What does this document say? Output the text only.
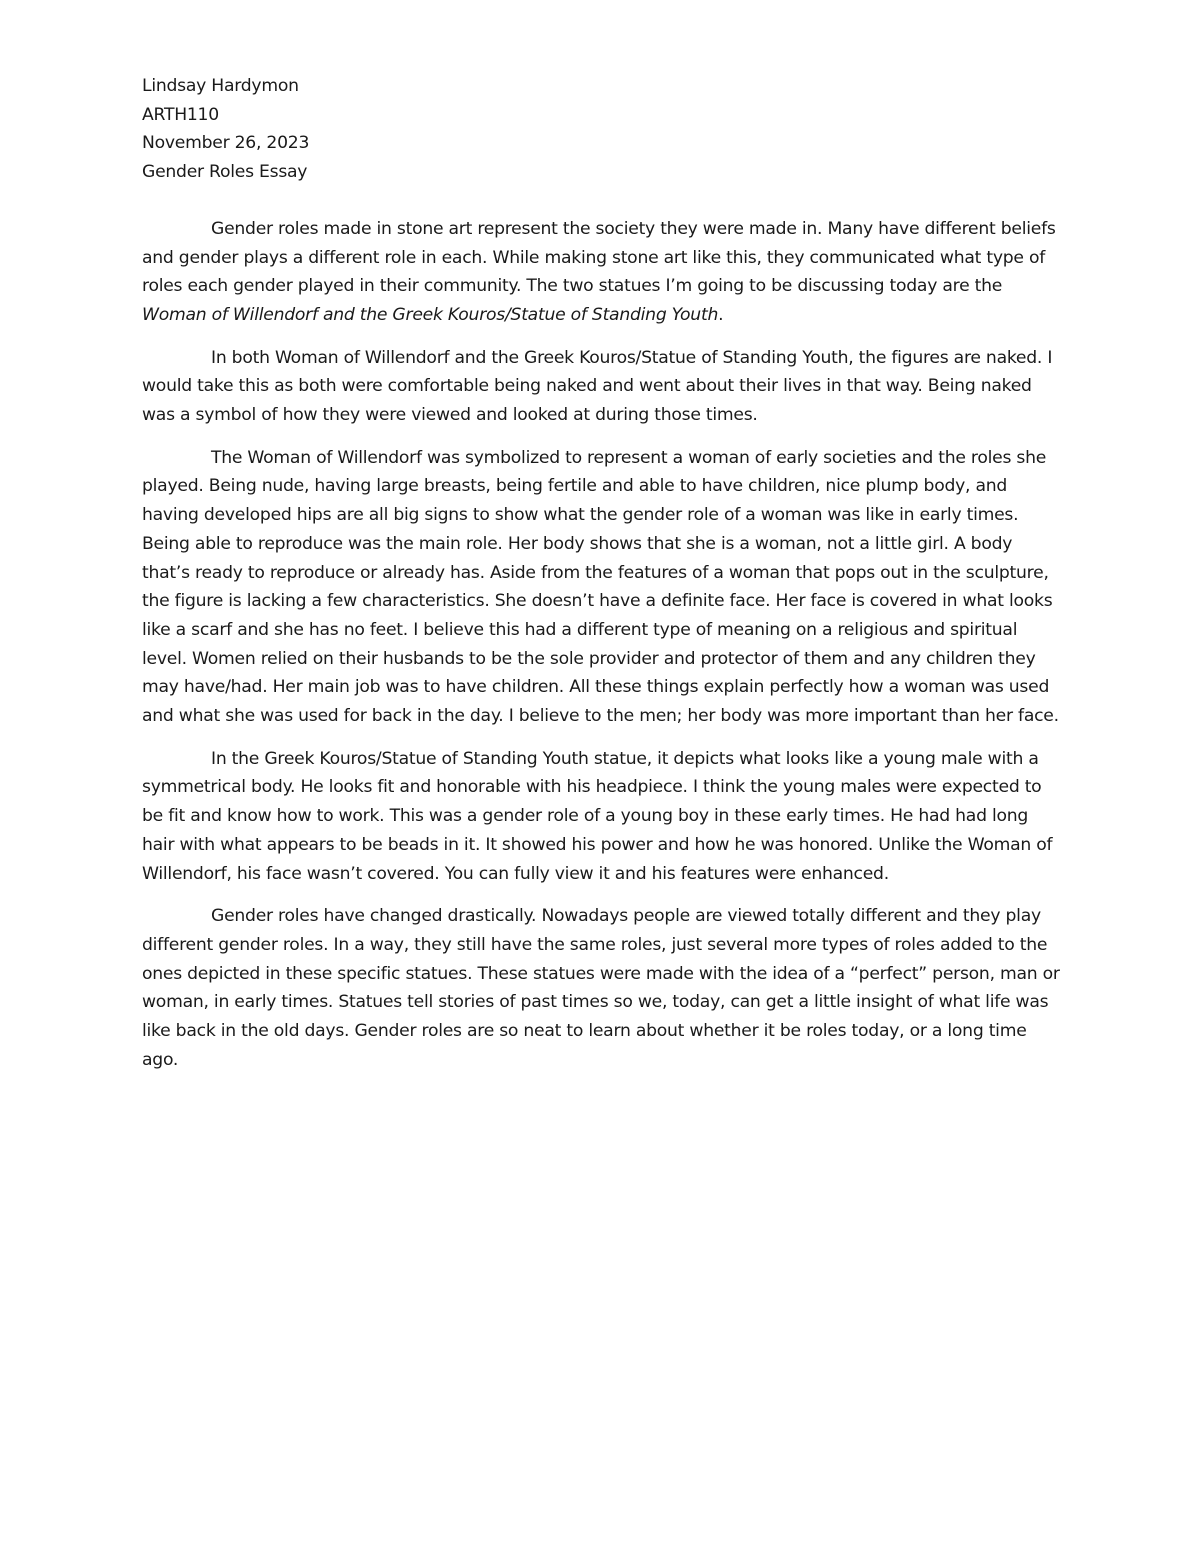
Lindsay Hardymon

ARTH110

November 26, 2023

Gender Roles Essay

Gender roles made in stone art represent the society they were made in. Many have different beliefs and gender plays a different role in each. While making stone art like this, they communicated what type of roles each gender played in their community. The two statues I’m going to be discussing today are the Woman of Willendorf and the Greek Kouros/Statue of Standing Youth.

In both Woman of Willendorf and the Greek Kouros/Statue of Standing Youth, the figures are naked. I would take this as both were comfortable being naked and went about their lives in that way. Being naked was a symbol of how they were viewed and looked at during those times.

The Woman of Willendorf was symbolized to represent a woman of early societies and the roles she played. Being nude, having large breasts, being fertile and able to have children, nice plump body, and having developed hips are all big signs to show what the gender role of a woman was like in early times. Being able to reproduce was the main role. Her body shows that she is a woman, not a little girl. A body that’s ready to reproduce or already has. Aside from the features of a woman that pops out in the sculpture, the figure is lacking a few characteristics. She doesn’t have a definite face. Her face is covered in what looks like a scarf and she has no feet. I believe this had a different type of meaning on a religious and spiritual level. Women relied on their husbands to be the sole provider and protector of them and any children they may have/had. Her main job was to have children. All these things explain perfectly how a woman was used and what she was used for back in the day. I believe to the men; her body was more important than her face.

In the Greek Kouros/Statue of Standing Youth statue, it depicts what looks like a young male with a symmetrical body. He looks fit and honorable with his headpiece. I think the young males were expected to be fit and know how to work. This was a gender role of a young boy in these early times. He had had long hair with what appears to be beads in it. It showed his power and how he was honored. Unlike the Woman of Willendorf, his face wasn’t covered. You can fully view it and his features were enhanced.

Gender roles have changed drastically. Nowadays people are viewed totally different and they play different gender roles. In a way, they still have the same roles, just several more types of roles added to the ones depicted in these specific statues. These statues were made with the idea of a “perfect” person, man or woman, in early times. Statues tell stories of past times so we, today, can get a little insight of what life was like back in the old days. Gender roles are so neat to learn about whether it be roles today, or a long time ago.
